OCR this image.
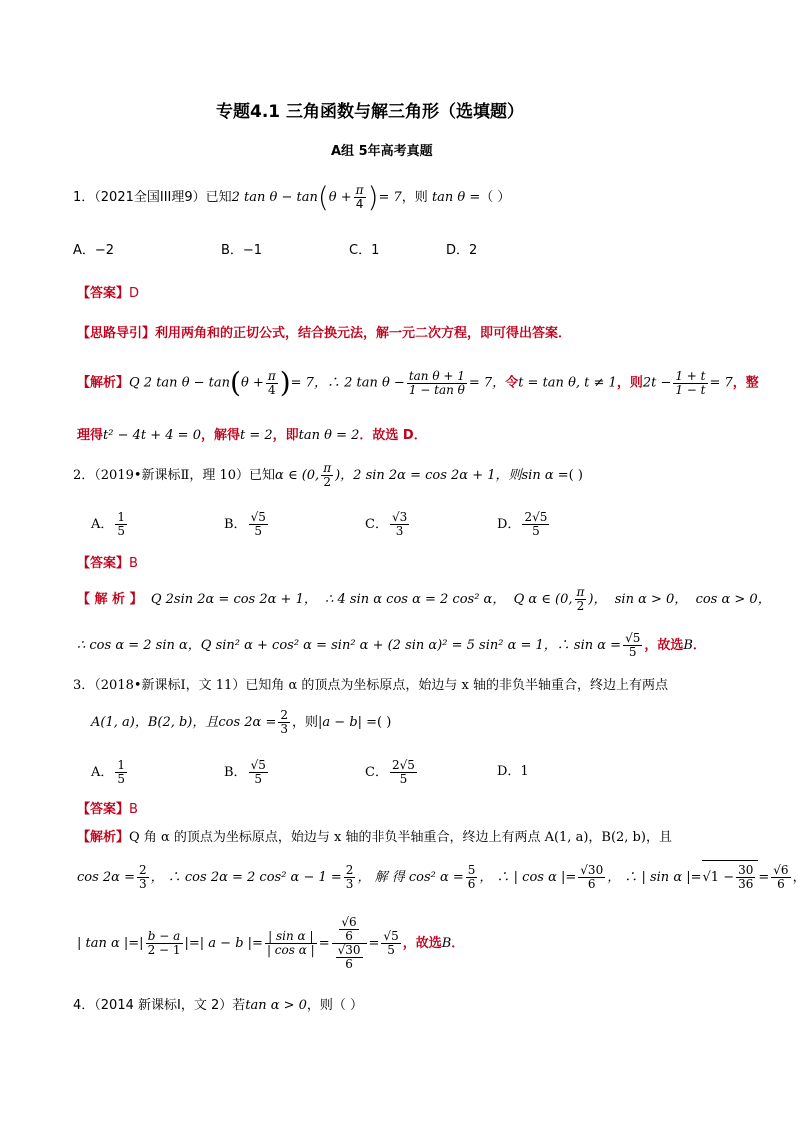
专题4.1 三角函数与解三角形（选填题）
A组 5年高考真题
1．（2021全国III理9）已知2 $\tan \theta - \tan(\theta + \frac{\pi}{4}$ )= 7，则 tan θ =（ ）
A．−2	B．−1	C．1	D．2
【答案】D
【思路导引】利用两角和的正切公式，结合换元法，解一元二次方程，即可得出答案．
【解析】Q 2 $\tan \theta - \tan(\theta + \frac{\pi}{4}$ )= 7，∴ 2 $\tan \theta - \frac{\text{tan θ + 1}}{\text{1 − tan θ}} = 7$，令t = tan θ, t ≠ 1，则$2t - \frac{1 + t}{1 - t} = 7$，整
理得t² − 4t + 4 = 0，解得t = 2，即tan θ = 2．故选 D．
2．（2019•新课标Ⅱ，理 10）已知α ∈ (0, $\frac{\pi}{2}$ )，2 sin 2α = cos 2α + 1，则sin α =( )
A． $\frac{1}{5}$	B． $\frac{√5}{5}$	C． $\frac{√3}{3}$	D． $\frac{2√5}{5}$
【答案】B
【 解 析 】 Q 2sin 2α = cos 2α + 1， ∴ 4 sin α cos α = 2 cos² α， Q α ∈ (0, $\frac{\pi}{2}$ )， sin α > 0， cos α > 0，
∴ cos α = 2 sin α，Q sin² α + cos² α = sin² α + (2 sin α)² = 5 sin² α = 1，∴ $\sin \alpha = \frac{√5}{5}$ ，故选B．
3．（2018•新课标Ⅰ，文 11）已知角 α 的顶点为坐标原点，始边与 x 轴的非负半轴重合，终边上有两点
A(1, a)，B(2, b)，且$\cos 2\alpha = \frac{2}{3}$ ，则|a − b| =( )
A． $\frac{1}{5}$	B． $\frac{√5}{5}$	C． $\frac{2√5}{5}$	D．1
【答案】B
【解析】Q 角 α 的顶点为坐标原点，始边与 x 轴的非负半轴重合，终边上有两点 A(1, a)，B(2, b)，且
$\cos 2\alpha = \frac{2}{3}$ ， ∴ cos 2α = 2 cos² $\alpha - 1 = \frac{2}{3}$ ， 解 得 cos² $\alpha = \frac{5}{6}$ ， ∴ | cos α |= $\frac{√30}{6}$ ， ∴ | sin α $|=√1 - \frac{30}{36} = \frac{√6}{6}$ ，
| tan α |=| $\frac{b - a}{2 - 1}$ |=| a − b |= $\frac{\text{| sin α |}}{\text{| cos α |}} = \frac{\frac{√6}{6}}{\frac{√30}{6}} = \frac{√5}{5}$ ，故选B．
4．（2014 新课标Ⅰ，文 2）若tan α > 0，则（ ）
